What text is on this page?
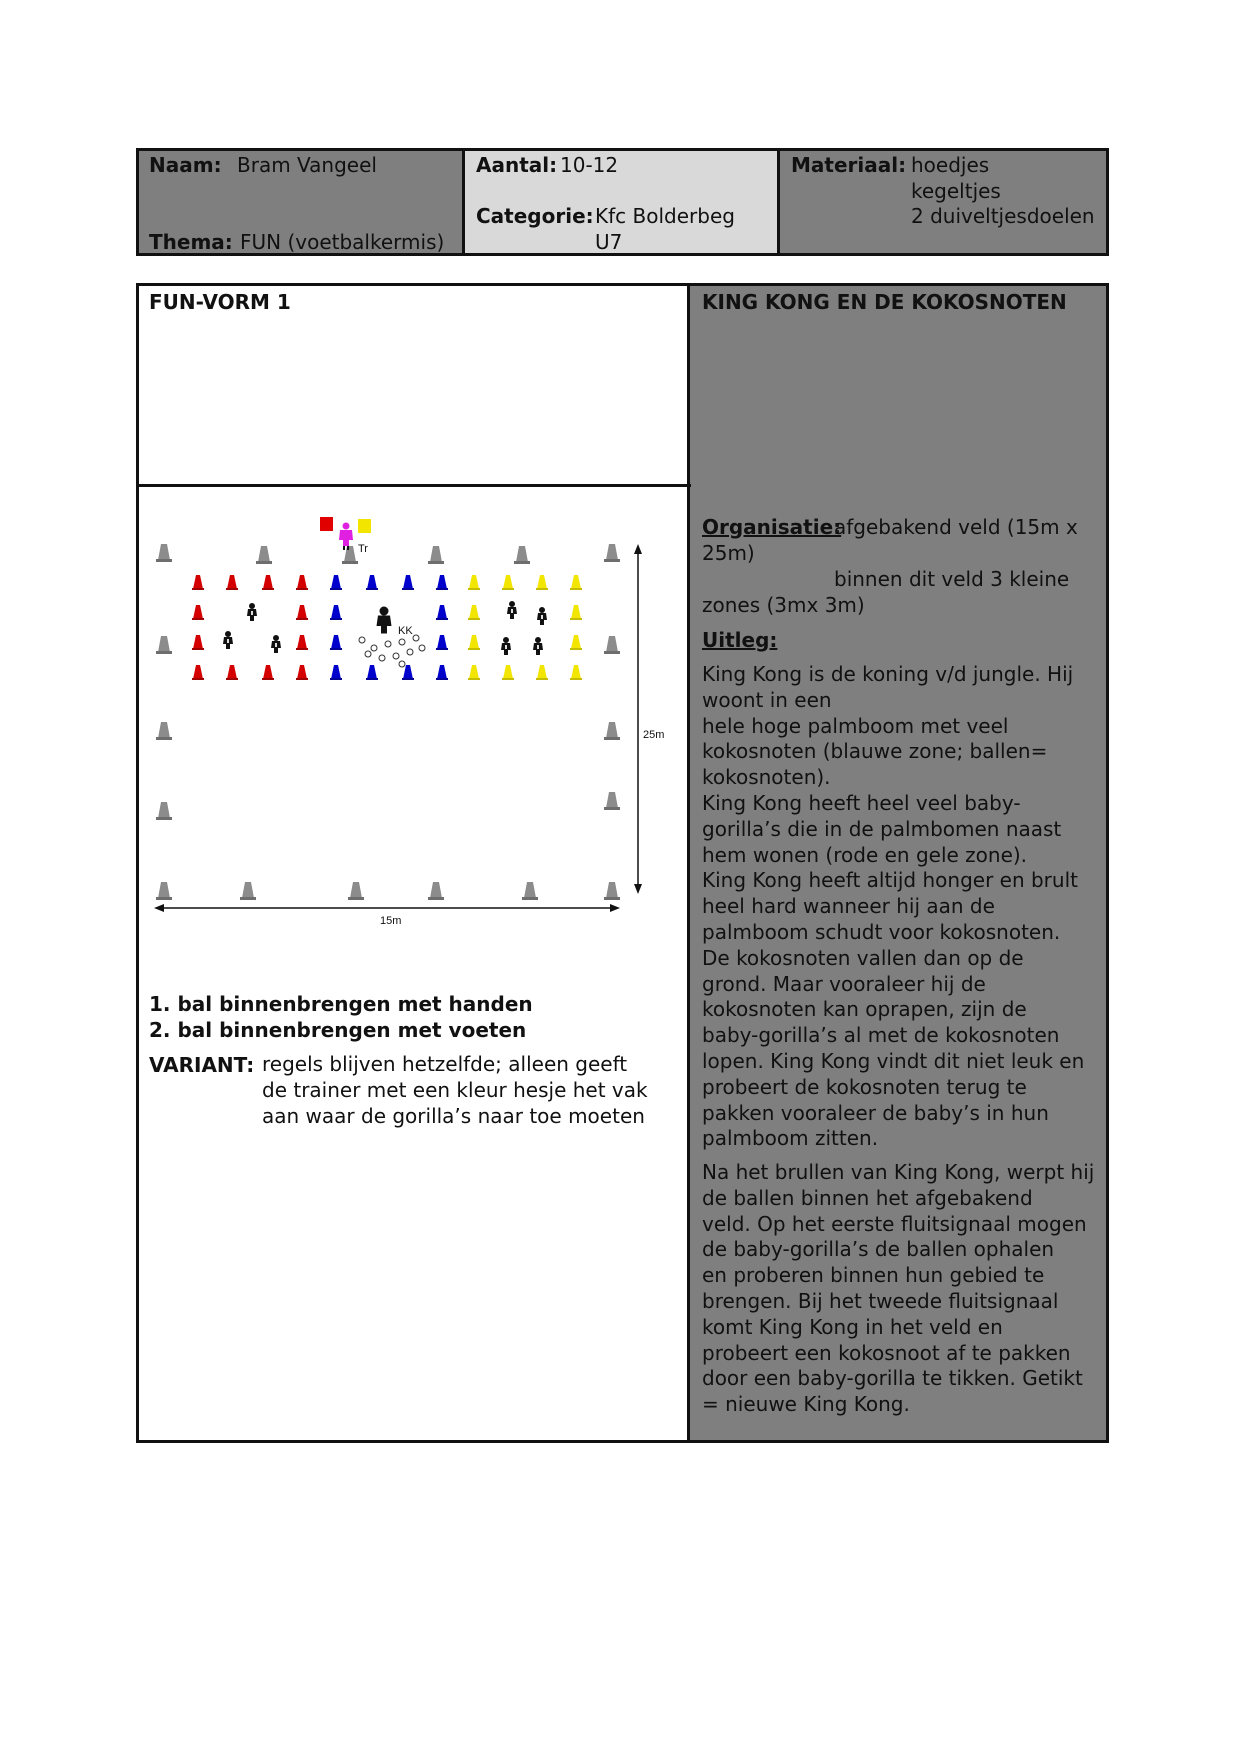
Naam: Bram Vangeel
Thema: FUN (voetbalkermis)
Aantal: 10-12
Categorie: Kfc Bolderbeg
U7
Materiaal: hoedjes
kegeltjes
2 duiveltjesdoelen
FUN-VORM 1	KING KONG EN DE KOKOSNOTEN
KK
Tr
25m
15m
1. bal binnenbrengen met handen
2. bal binnenbrengen met voeten
VARIANT: regels blijven hetzelfde; alleen geeft
de trainer met een kleur hesje het vak
aan waar de gorilla’s naar toe moeten
Organisatie:
afgebakend veld (15m x
25m)
binnen dit veld 3 kleine
zones (3mx 3m)
Uitleg:
King Kong is de koning v/d jungle. Hij
woont in een
hele hoge palmboom met veel
kokosnoten (blauwe zone; ballen=
kokosnoten).
King Kong heeft heel veel baby-
gorilla’s die in de palmbomen naast
hem wonen (rode en gele zone).
King Kong heeft altijd honger en brult
heel hard wanneer hij aan de
palmboom schudt voor kokosnoten.
De kokosnoten vallen dan op de
grond. Maar vooraleer hij de
kokosnoten kan oprapen, zijn de
baby-gorilla’s al met de kokosnoten
lopen. King Kong vindt dit niet leuk en
probeert de kokosnoten terug te
pakken vooraleer de baby’s in hun
palmboom zitten.
Na het brullen van King Kong, werpt hij
de ballen binnen het afgebakend
veld. Op het eerste fluitsignaal mogen
de baby-gorilla’s de ballen ophalen
en proberen binnen hun gebied te
brengen. Bij het tweede fluitsignaal
komt King Kong in het veld en
probeert een kokosnoot af te pakken
door een baby-gorilla te tikken. Getikt
= nieuwe King Kong.
